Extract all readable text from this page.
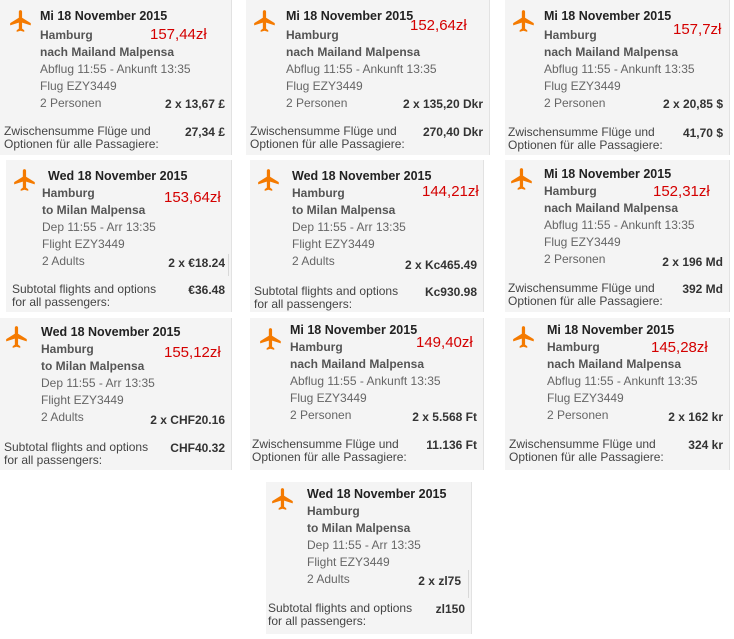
Mi 18 November 2015
Hamburg
nach Mailand Malpensa
157,44zł
Abflug 11:55 - Ankunft 13:35
Flug EZY3449
2 Personen	2 x 13,67 £
Zwischensumme Flüge und
Optionen für alle Passagiere:
27,34 £
Mi 18 November 2015
Hamburg
nach Mailand Malpensa
152,64zł
Abflug 11:55 - Ankunft 13:35
Flug EZY3449
2 Personen	2 x 135,20 Dkr
Zwischensumme Flüge und
Optionen für alle Passagiere:
270,40 Dkr
Mi 18 November 2015
Hamburg
nach Mailand Malpensa
157,7zł
Abflug 11:55 - Ankunft 13:35
Flug EZY3449
2 Personen	2 x 20,85 $
Zwischensumme Flüge und
Optionen für alle Passagiere:
41,70 $
Wed 18 November 2015
Hamburg
to Milan Malpensa
153,64zł
Dep 11:55 - Arr 13:35
Flight EZY3449
2 Adults	2 x €18.24
Subtotal flights and options
for all passengers:
€36.48
Wed 18 November 2015
Hamburg
to Milan Malpensa
144,21zł
Dep 11:55 - Arr 13:35
Flight EZY3449
2 Adults	2 x Kc465.49
Subtotal flights and options
for all passengers:
Kc930.98
Mi 18 November 2015
Hamburg
nach Mailand Malpensa
152,31zł
Abflug 11:55 - Ankunft 13:35
Flug EZY3449
2 Personen	2 x 196 Md
Zwischensumme Flüge und
Optionen für alle Passagiere:
392 Md
Wed 18 November 2015
Hamburg
to Milan Malpensa
155,12zł
Dep 11:55 - Arr 13:35
Flight EZY3449
2 Adults	2 x CHF20.16
Subtotal flights and options
for all passengers:
CHF40.32
Mi 18 November 2015
Hamburg
nach Mailand Malpensa
149,40zł
Abflug 11:55 - Ankunft 13:35
Flug EZY3449
2 Personen	2 x 5.568 Ft
Zwischensumme Flüge und
Optionen für alle Passagiere:
11.136 Ft
Mi 18 November 2015
Hamburg
nach Mailand Malpensa
145,28zł
Abflug 11:55 - Ankunft 13:35
Flug EZY3449
2 Personen	2 x 162 kr
Zwischensumme Flüge und
Optionen für alle Passagiere:
324 kr
Wed 18 November 2015
Hamburg
to Milan Malpensa
Dep 11:55 - Arr 13:35
Flight EZY3449
2 Adults	2 x zl75
Subtotal flights and options
for all passengers:
zl150
